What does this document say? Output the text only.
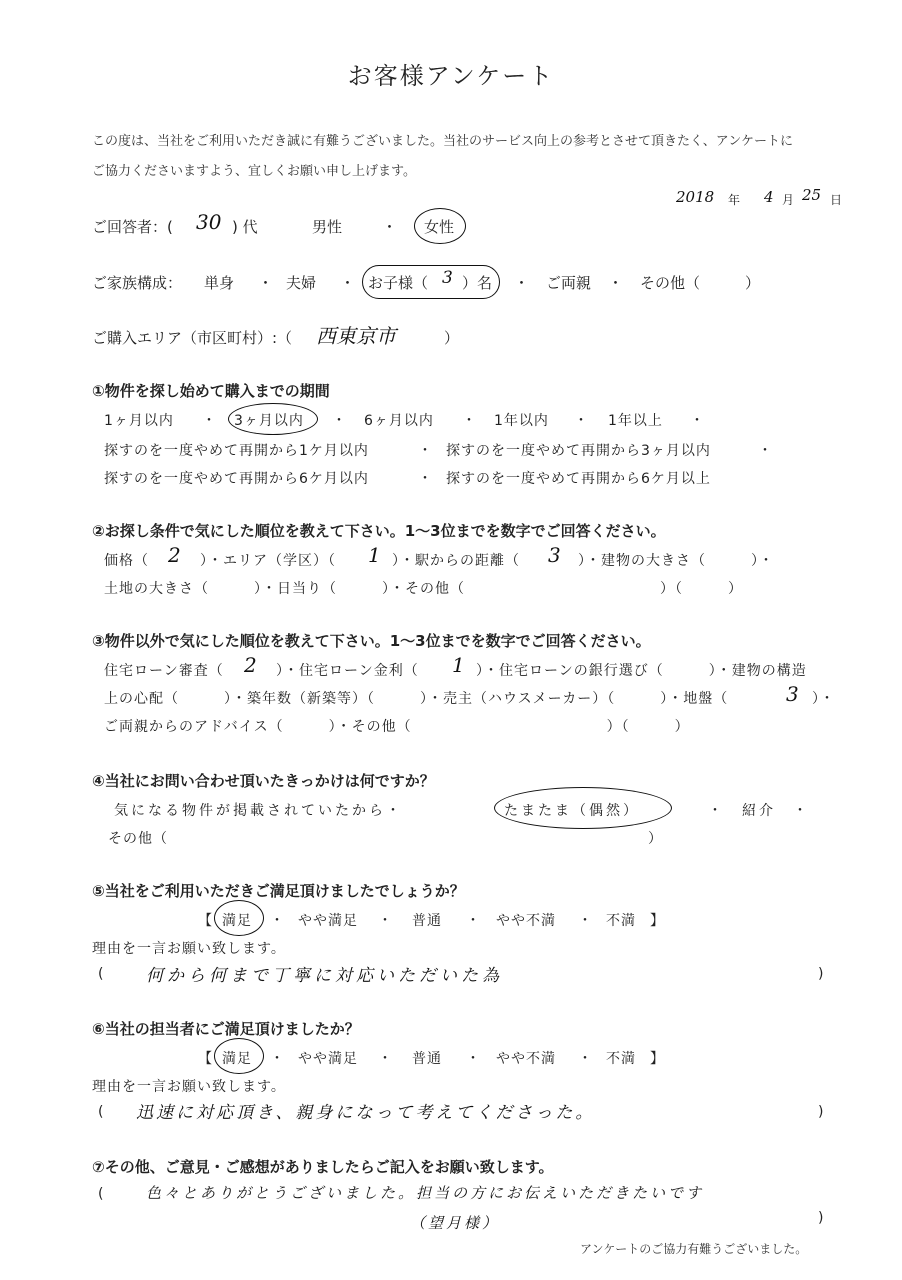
お客様アンケート
この度は、当社をご利用いただき誠に有難うございました。当社のサービス向上の参考とさせて頂きたく、アンケートに
ご協力くださいますよう、宜しくお願い申し上げます。
2018 年 4 月 25 日
ご回答者：( 30 ) 代	男性	・ 女性
ご家族構成： 単身 ・ 夫婦 ・ お子様（ 3 ）名 ・ ご両親 ・ その他（　　　）
ご購入エリア（市区町村）:（ 西東京市	）
①物件を探し始めて購入までの期間
1ヶ月以内 ・ 3ヶ月以内 ・ 6ヶ月以内 ・ 1年以内 ・ 1年以上 ・
探すのを一度やめて再開から1ケ月以内	・ 探すのを一度やめて再開から3ヶ月以内	・
探すのを一度やめて再開から6ケ月以内	・ 探すのを一度やめて再開から6ケ月以上
②お探し条件で気にした順位を教えて下さい。1～3位までを数字でご回答ください。
価格（ 2 ）・エリア（学区）（ 1 ）・駅からの距離（ 3 ）・建物の大きさ（　　　）・
土地の大きさ（　　　）・日当り（　　　）・その他（　　　　　　　　　　　　　）（　　　）
③物件以外で気にした順位を教えて下さい。1～3位までを数字でご回答ください。
住宅ローン審査（ 2 ）・住宅ローン金利（ 1 ）・住宅ローンの銀行選び（　　　）・建物の構造
上の心配（　　　）・築年数（新築等）（　　　）・売主（ハウスメーカー）（　　　）・地盤（	3 ）・
ご両親からのアドバイス（　　　）・その他（　　　　　　　　　　　　　）（　　　）
④当社にお問い合わせ頂いたきっかけは何ですか？
気になる物件が掲載されていたから・	たまたま（偶然）	・　紹介　・
その他（　　　　　　　　　　　　　　　　　　　　　　　　　　　　　　　　）
⑤当社をご利用いただきご満足頂けましたでしょうか？
【 満足 ・ やや満足 ・ 普通 ・ やや不満 ・ 不満 】
理由を一言お願い致します。
(	何から何まで丁寧に対応いただいた為	)
⑥当社の担当者にご満足頂けましたか？
【 満足 ・ やや満足 ・ 普通 ・ やや不満 ・ 不満 】
理由を一言お願い致します。
( 迅速に対応頂き、親身になって考えてくださった。	)
⑦その他、ご意見・ご感想がありましたらご記入をお願い致します。
(	色々とありがとうございました。担当の方にお伝えいただきたいです
（望月様）	)
アンケートのご協力有難うございました。
